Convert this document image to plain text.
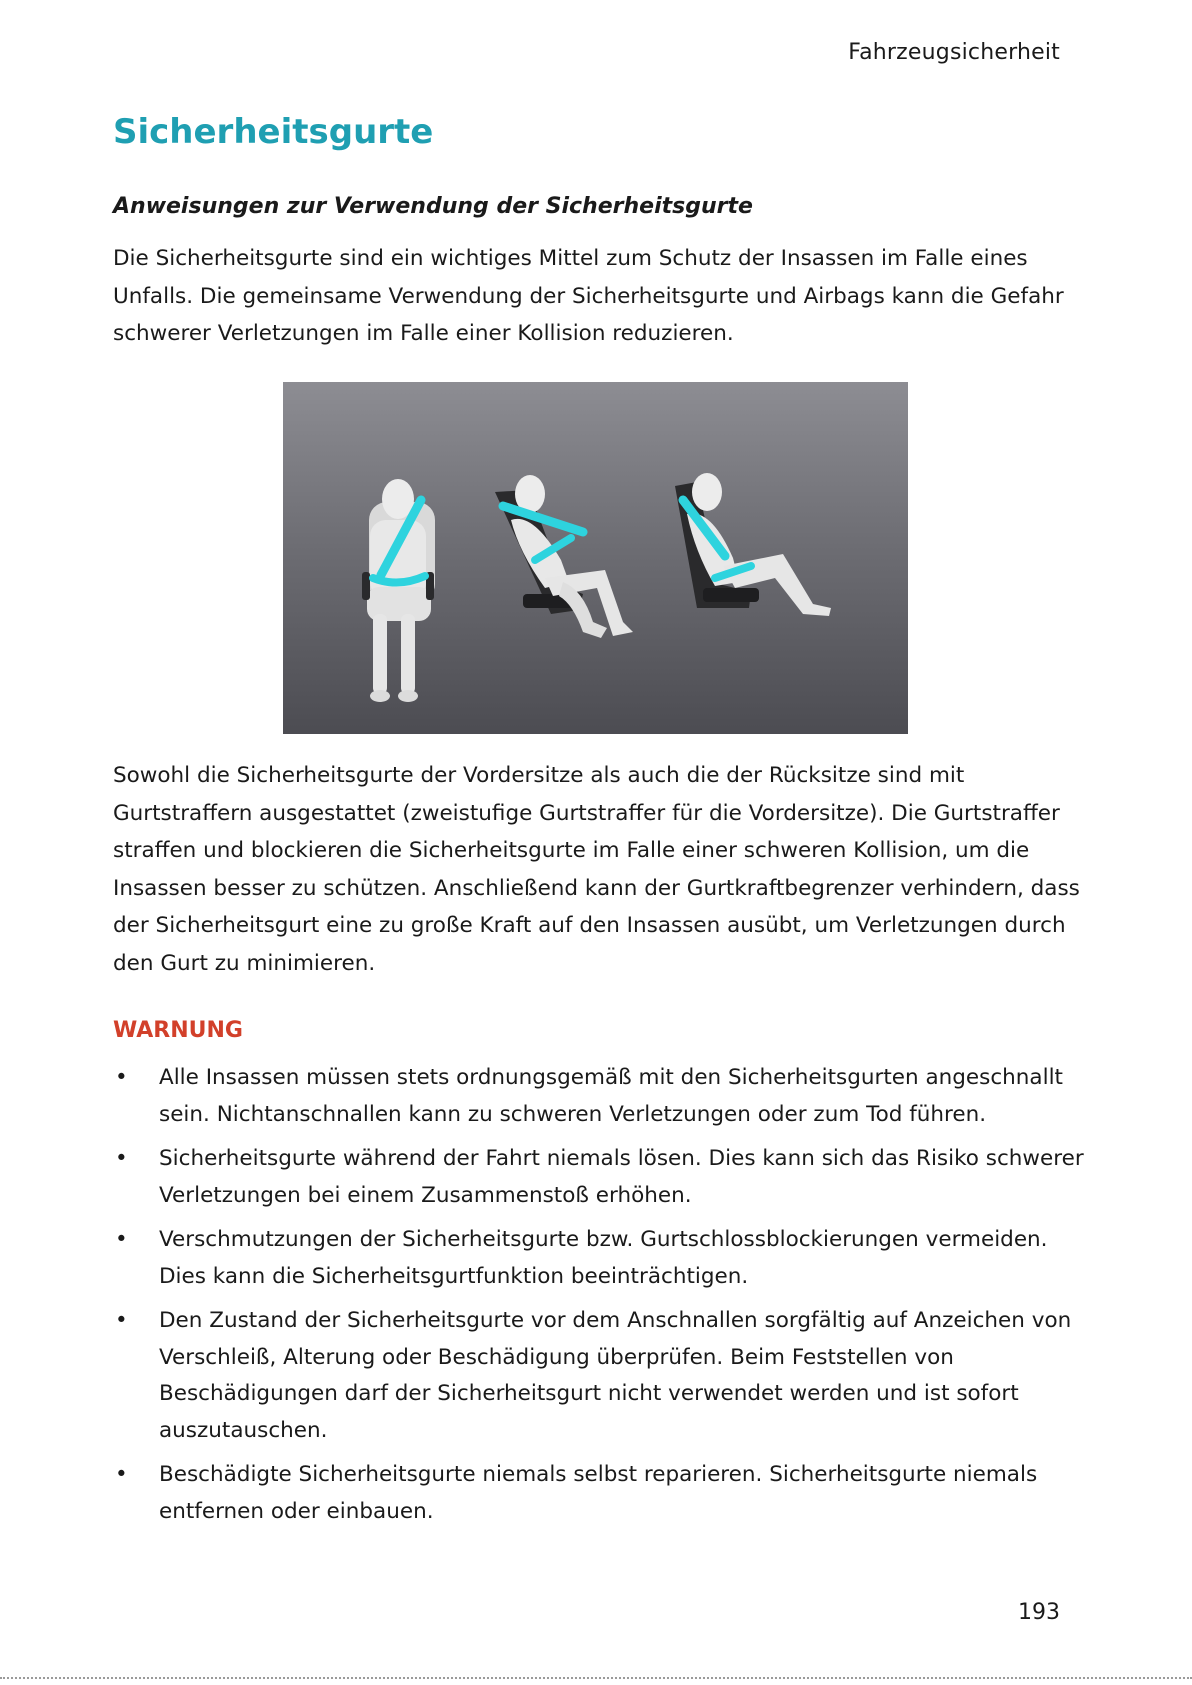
Fahrzeugsicherheit
Sicherheitsgurte
Anweisungen zur Verwendung der Sicherheitsgurte

Die Sicherheitsgurte sind ein wichtiges Mittel zum Schutz der Insassen im Falle eines Unfalls. Die gemeinsame Verwendung der Sicherheitsgurte und Airbags kann die Gefahr schwerer Verletzungen im Falle einer Kollision reduzieren.

Sowohl die Sicherheitsgurte der Vordersitze als auch die der Rücksitze sind mit Gurtstraffern ausgestattet (zweistufige Gurtstraffer für die Vordersitze). Die Gurtstraffer straffen und blockieren die Sicherheitsgurte im Falle einer schweren Kollision, um die Insassen besser zu schützen. Anschließend kann der Gurtkraftbegrenzer verhindern, dass der Sicherheitsgurt eine zu große Kraft auf den Insassen ausübt, um Verletzungen durch den Gurt zu minimieren.

WARNUNG
• Alle Insassen müssen stets ordnungsgemäß mit den Sicherheitsgurten angeschnallt sein. Nichtanschnallen kann zu schweren Verletzungen oder zum Tod führen.
• Sicherheitsgurte während der Fahrt niemals lösen. Dies kann sich das Risiko schwerer Verletzungen bei einem Zusammenstoß erhöhen.
• Verschmutzungen der Sicherheitsgurte bzw. Gurtschlossblockierungen vermeiden. Dies kann die Sicherheitsgurtfunktion beeinträchtigen.
• Den Zustand der Sicherheitsgurte vor dem Anschnallen sorgfältig auf Anzeichen von Verschleiß, Alterung oder Beschädigung überprüfen. Beim Feststellen von Beschädigungen darf der Sicherheitsgurt nicht verwendet werden und ist sofort auszutauschen.
• Beschädigte Sicherheitsgurte niemals selbst reparieren. Sicherheitsgurte niemals entfernen oder einbauen.
193
